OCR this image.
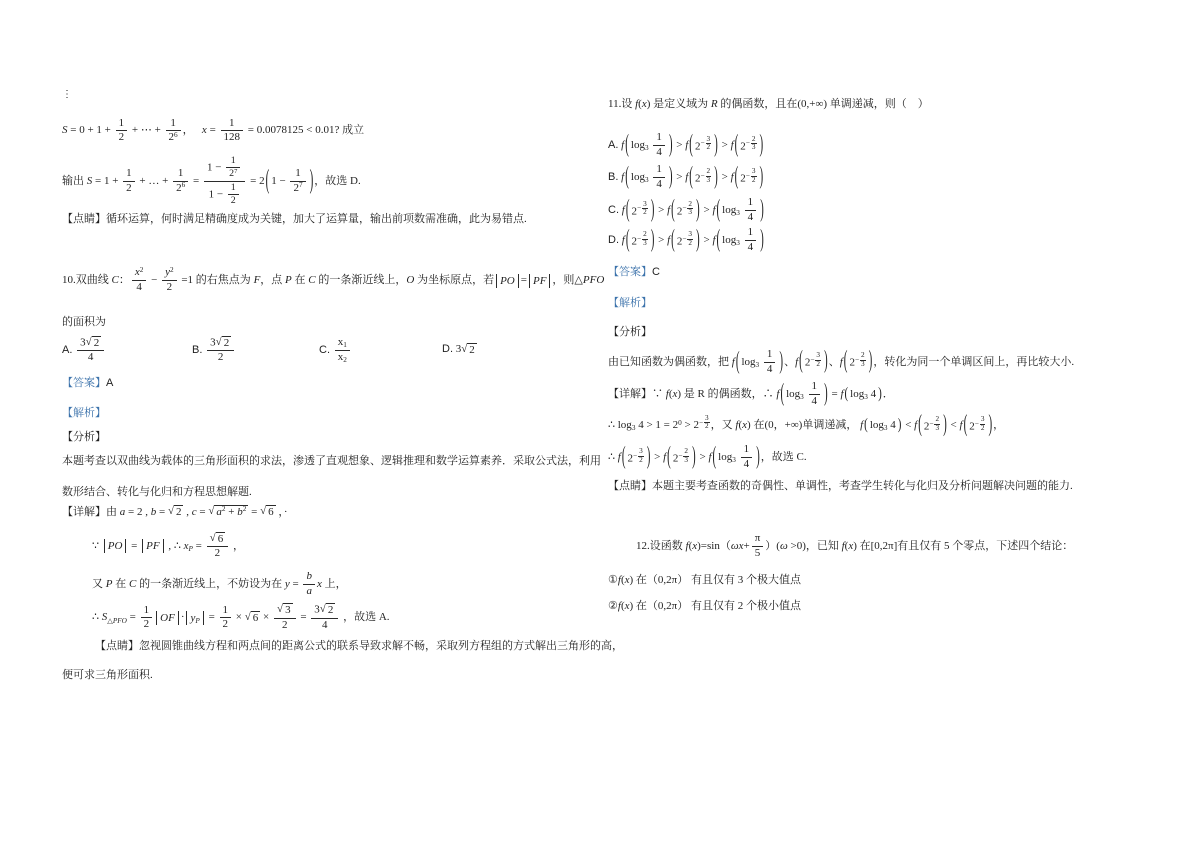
⋮
$S = 0 + 1 + \frac{1}{2}$ + ⋯ + $\frac{1}{26}$ ，　 $x = \frac{1}{128} = 0.0078125 < 0.01$? 成立
输出 $S = 1 + \frac{1}{2}$ + … + $\frac{1}{26} = \frac{1 - \frac{1}{27}}{1 - \frac{1}{2}} = 2$ ( $1 - \frac{1}{27}$ ) ，故选 D.
【点睛】循环运算，何时满足精确度成为关键，加大了运算量，输出前项数需准确，此为易错点.
10.双曲线 C： $\frac{x2}{4} - \frac{y2}{2} =1$ 的右焦点为 F，点 P 在 C 的一条渐近线上，O 为坐标原点，若 PO = PF ，则△PFO
的面积为
A. $\frac{3 √ 2}{4}$	B. $\frac{3 √ 2}{2}$	C. $\frac{x1}{x2}$	D. 3 √ 2
【答案】A
【解析】
【分析】
本题考查以双曲线为载体的三角形面积的求法，渗透了直观想象、逻辑推理和数学运算素养．采取公式法，利用
数形结合、转化与化归和方程思想解题.
【详解】由 a = 2 , b = √ 2 , c = √ a2 + b2 = √ 6 ，·
∵ PO = PF , ∴ xP = $\frac{√ 6}{2}$ ，
又 P 在 C 的一条渐近线上，不妨设为在 $y = \frac{b}{a}$ x 上，
∴ S△PFO = $\frac{1}{2}$ OF · yP = $\frac{1}{2}$ × √ $6 \times \frac{√ 3}{2} = \frac{3 √ 2}{4}$ ，故选 A.
【点睛】忽视圆锥曲线方程和两点间的距离公式的联系导致求解不畅，采取列方程组的方式解出三角形的高，
便可求三角形面积.
11.设 f(x) 是定义域为 R 的偶函数，且在(0,+∞) 单调递减，则（　）
A. f ( $\log 3 \frac{1}{4}$ ) > f ( $2- \frac{3}{2}$ ) > f ( $2- \frac{2}{3}$ )
B. f ( $\log 3 \frac{1}{4}$ ) > f ( $2- \frac{2}{3}$ ) > f ( $2- \frac{3}{2}$ )
C. f ( $2- \frac{3}{2}$ ) > f ( $2- \frac{2}{3}$ ) > f ( $\log 3 \frac{1}{4}$ )
D. f ( $2- \frac{2}{3}$ ) > f ( $2- \frac{3}{2}$ ) > f ( $\log 3 \frac{1}{4}$ )
【答案】C
【解析】
【分析】
由已知函数为偶函数，把 f ( $\log 3 \frac{1}{4}$ ) 、f ( $2- \frac{3}{2}$ ) 、f ( $2- \frac{2}{3}$ ) ，转化为同一个单调区间上，再比较大小.
【详解】∵ f(x) 是 R 的偶函数，∴ f ( $\log 3 \frac{1}{4}$ ) = f ( log3 4 ) ．
∴ log3 $4 > 1 = 20 > 2- \frac{3}{2}$ ，又 f(x) 在(0，+∞)单调递减， f ( log3 4 ) < f ( $2- \frac{2}{3}$ ) < f ( $2- \frac{3}{2}$ ) ，
∴ f ( $2- \frac{3}{2}$ ) > f ( $2- \frac{2}{3}$ ) > f ( $\log 3 \frac{1}{4}$ ) ，故选 C.
【点睛】本题主要考查函数的奇偶性、单调性，考查学生转化与化归及分析问题解决问题的能力.
12.设函数 $f(x)=\sin(\omega x+ \frac{\pi}{5} )(\omega >0)$，已知 f(x) 在[0,2π]有且仅有 5 个零点，下述四个结论：
①f(x) 在（0,2π） 有且仅有 3 个极大值点
②f(x) 在（0,2π） 有且仅有 2 个极小值点
